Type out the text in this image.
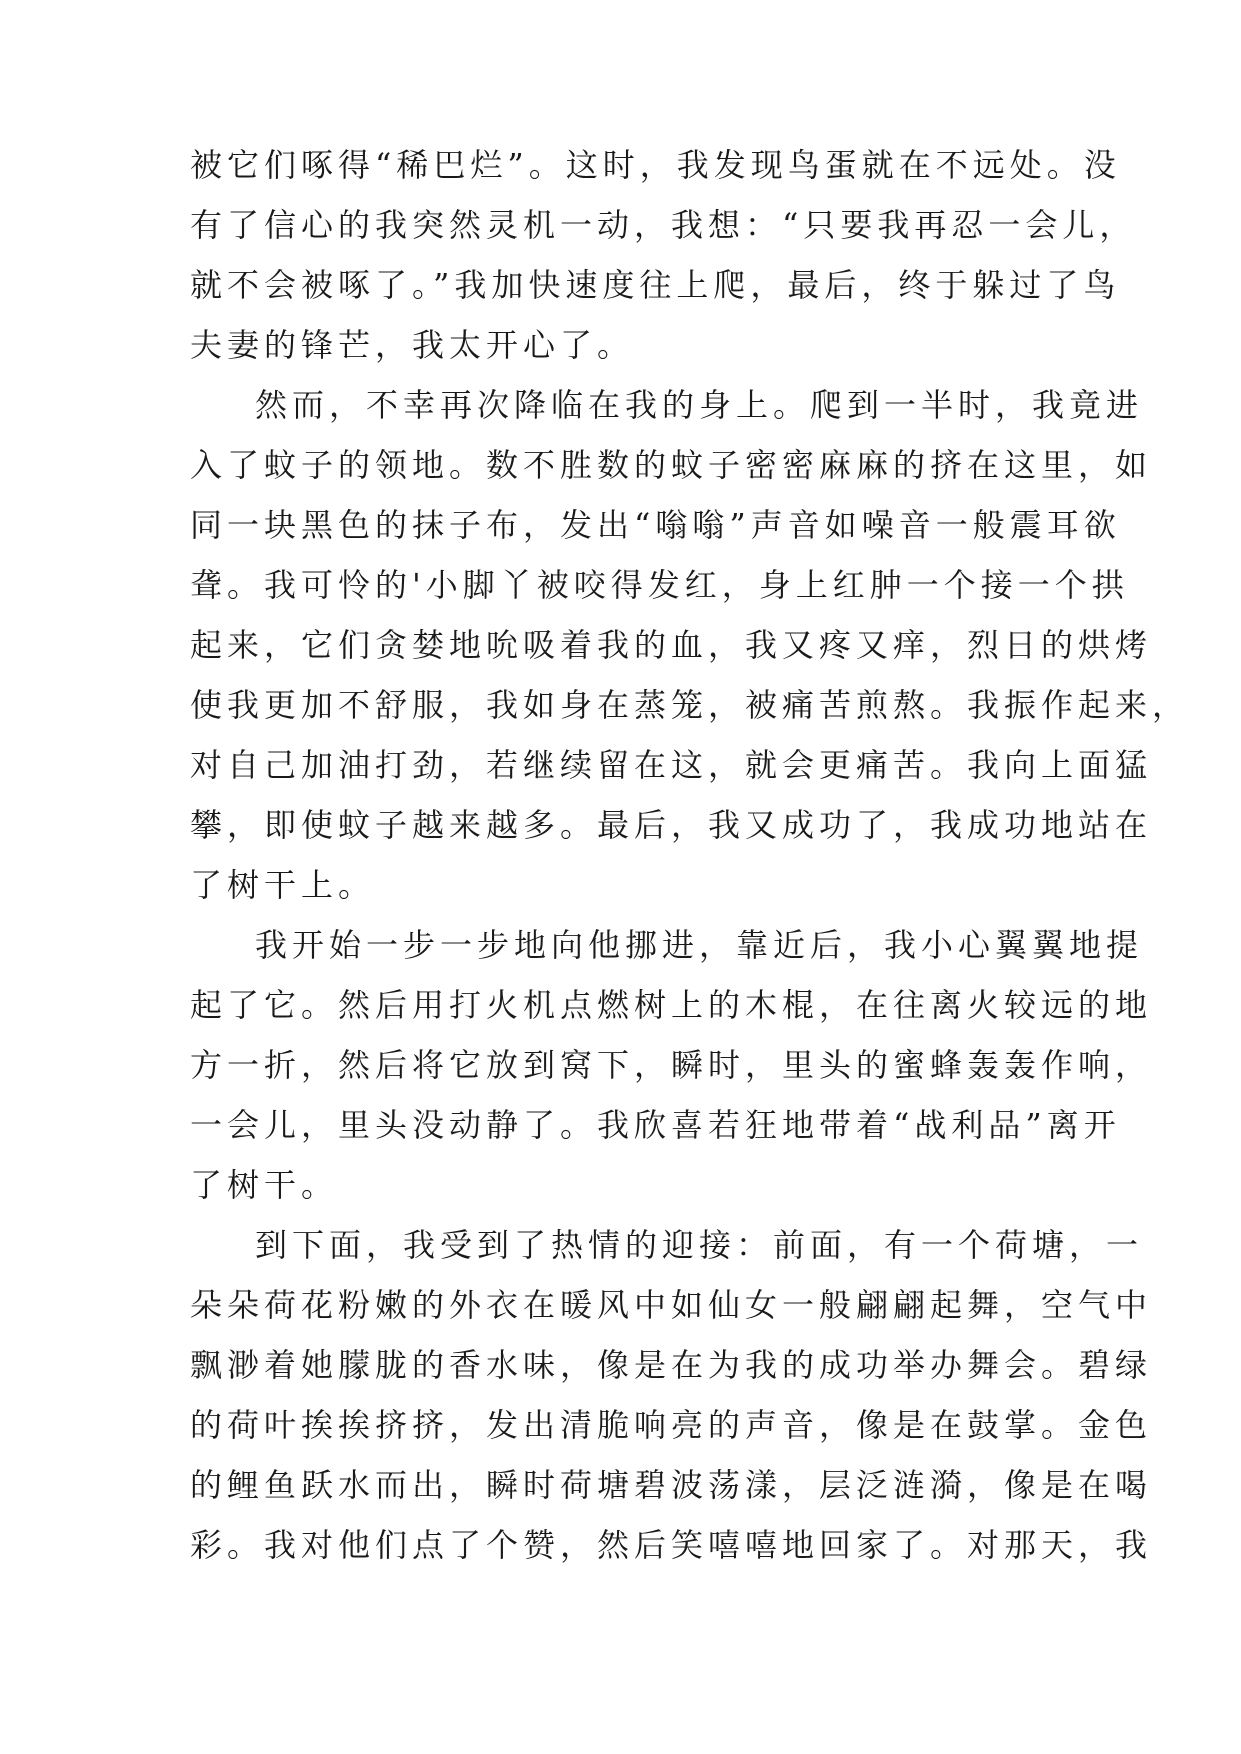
被它们啄得“稀巴烂”。这时，我发现鸟蛋就在不远处。没
有了信心的我突然灵机一动，我想：“只要我再忍一会儿，
就不会被啄了。”我加快速度往上爬，最后，终于躲过了鸟
夫妻的锋芒，我太开心了。
然而，不幸再次降临在我的身上。爬到一半时，我竟进
入了蚊子的领地。数不胜数的蚊子密密麻麻的挤在这里，如
同一块黑色的抹子布，发出“嗡嗡”声音如噪音一般震耳欲
聋。我可怜的'小脚丫被咬得发红，身上红肿一个接一个拱
起来，它们贪婪地吮吸着我的血，我又疼又痒，烈日的烘烤
使我更加不舒服，我如身在蒸笼，被痛苦煎熬。我振作起来，
对自己加油打劲，若继续留在这，就会更痛苦。我向上面猛
攀，即使蚊子越来越多。最后，我又成功了，我成功地站在
了树干上。
我开始一步一步地向他挪进，靠近后，我小心翼翼地提
起了它。然后用打火机点燃树上的木棍，在往离火较远的地
方一折，然后将它放到窝下，瞬时，里头的蜜蜂轰轰作响，
一会儿，里头没动静了。我欣喜若狂地带着“战利品”离开
了树干。
到下面，我受到了热情的迎接：前面，有一个荷塘，一
朵朵荷花粉嫩的外衣在暖风中如仙女一般翩翩起舞，空气中
飘渺着她朦胧的香水味，像是在为我的成功举办舞会。碧绿
的荷叶挨挨挤挤，发出清脆响亮的声音，像是在鼓掌。金色
的鲤鱼跃水而出，瞬时荷塘碧波荡漾，层泛涟漪，像是在喝
彩。我对他们点了个赞，然后笑嘻嘻地回家了。对那天，我
